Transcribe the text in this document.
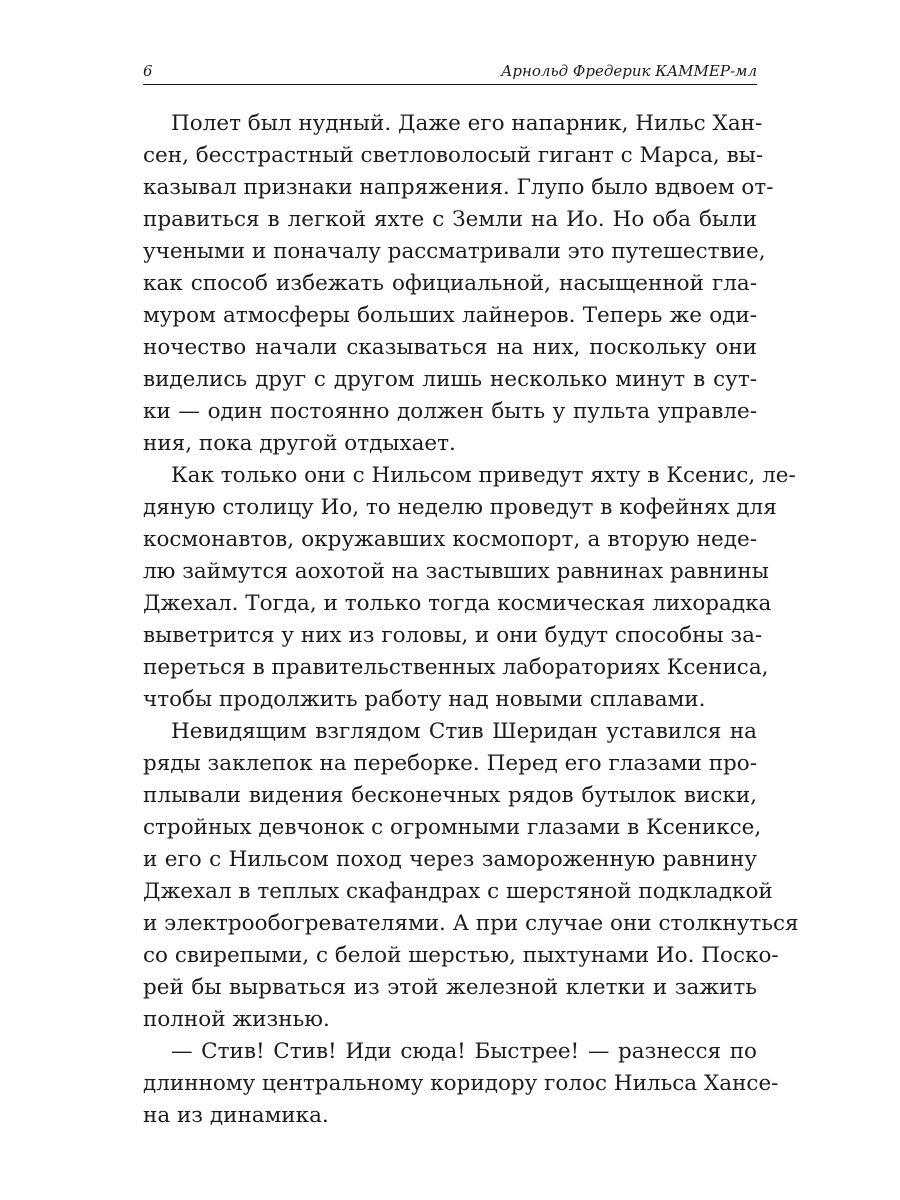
6	Арнольд Фредерик КАММЕР-мл
Полет был нудный. Даже его напарник, Нильс Хан-
сен, бесстрастный светловолосый гигант с Марса, вы-
казывал признаки напряжения. Глупо было вдвоем от-
правиться в легкой яхте с Земли на Ио. Но оба были
учеными и поначалу рассматривали это путешествие,
как способ избежать официальной, насыщенной гла-
муром атмосферы больших лайнеров. Теперь же оди-
ночество начали сказываться на них, поскольку они
виделись друг с другом лишь несколько минут в сут-
ки — один постоянно должен быть у пульта управле-
ния, пока другой отдыхает.
Как только они с Нильсом приведут яхту в Ксенис, ле-
дяную столицу Ио, то неделю проведут в кофейнях для
космонавтов, окружавших космопорт, а вторую неде-
лю займутся аохотой на застывших равнинах равнины
Джехал. Тогда, и только тогда космическая лихорадка
выветрится у них из головы, и они будут способны за-
переться в правительственных лабораториях Ксениса,
чтобы продолжить работу над новыми сплавами.
Невидящим взглядом Стив Шеридан уставился на
ряды заклепок на переборке. Перед его глазами про-
плывали видения бесконечных рядов бутылок виски,
стройных девчонок с огромными глазами в Ксениксе,
и его с Нильсом поход через замороженную равнину
Джехал в теплых скафандрах с шерстяной подкладкой
и электрообогревателями. А при случае они столкнуться
со свирепыми, с белой шерстью, пыхтунами Ио. Поско-
рей бы вырваться из этой железной клетки и зажить
полной жизнью.
— Стив! Стив! Иди сюда! Быстрее! — разнесся по
длинному центральному коридору голос Нильса Хансе-
на из динамика.
